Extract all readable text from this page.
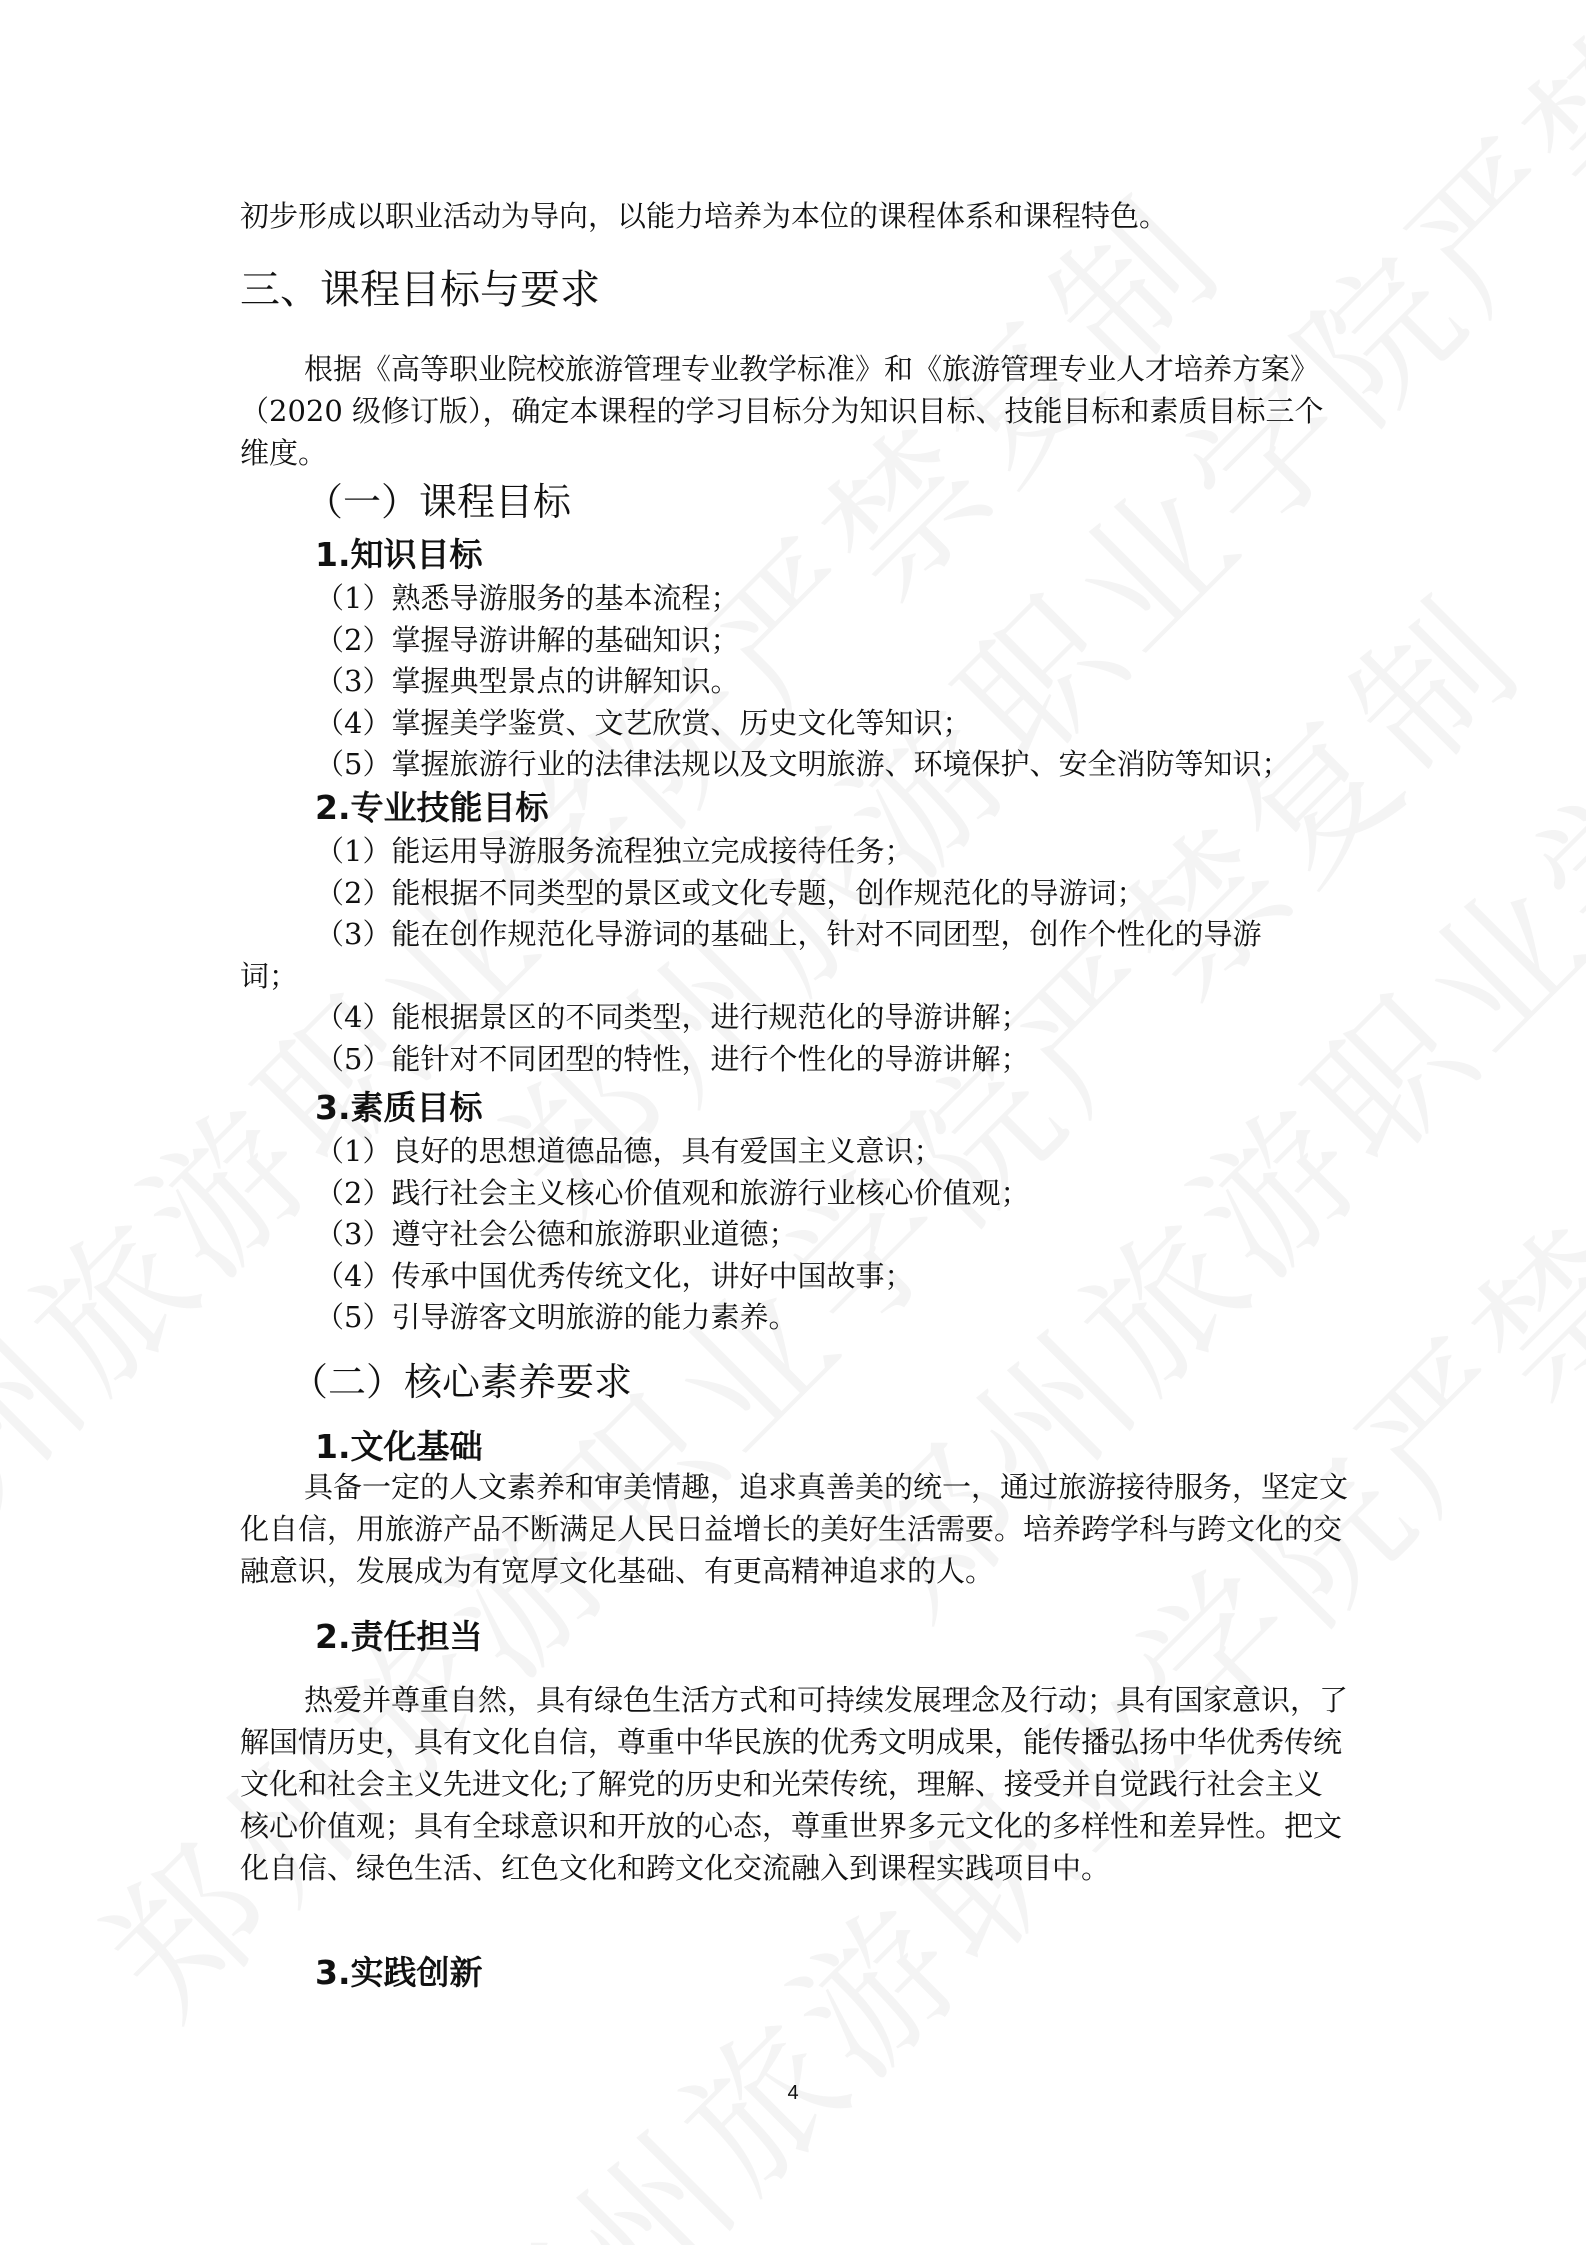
初步形成以职业活动为导向，以能力培养为本位的课程体系和课程特色。

三、课程目标与要求

根据《高等职业院校旅游管理专业教学标准》和《旅游管理专业人才培养方案》（2020 级修订版），确定本课程的学习目标分为知识目标、技能目标和素质目标三个维度。

（一）课程目标

1.知识目标

（1）熟悉导游服务的基本流程；

（2）掌握导游讲解的基础知识；

（3）掌握典型景点的讲解知识。

（4）掌握美学鉴赏、文艺欣赏、历史文化等知识；

（5）掌握旅游行业的法律法规以及文明旅游、环境保护、安全消防等知识；

2.专业技能目标

（1）能运用导游服务流程独立完成接待任务；

（2）能根据不同类型的景区或文化专题，创作规范化的导游词；

（3）能在创作规范化导游词的基础上，针对不同团型，创作个性化的导游

词；

（4）能根据景区的不同类型，进行规范化的导游讲解；

（5）能针对不同团型的特性，进行个性化的导游讲解；

3.素质目标

（1）良好的思想道德品德，具有爱国主义意识；

（2）践行社会主义核心价值观和旅游行业核心价值观；

（3）遵守社会公德和旅游职业道德；

（4）传承中国优秀传统文化，讲好中国故事；

（5）引导游客文明旅游的能力素养。

（二）核心素养要求

1.文化基础

具备一定的人文素养和审美情趣，追求真善美的统一，通过旅游接待服务，坚定文化自信，用旅游产品不断满足人民日益增长的美好生活需要。培养跨学科与跨文化的交融意识，发展成为有宽厚文化基础、有更高精神追求的人。

2.责任担当

热爱并尊重自然，具有绿色生活方式和可持续发展理念及行动；具有国家意识，了解国情历史，具有文化自信，尊重中华民族的优秀文明成果，能传播弘扬中华优秀传统文化和社会主义先进文化;了解党的历史和光荣传统，理解、接受并自觉践行社会主义核心价值观；具有全球意识和开放的心态，尊重世界多元文化的多样性和差异性。把文化自信、绿色生活、红色文化和跨文化交流融入到课程实践项目中。

3.实践创新

4
